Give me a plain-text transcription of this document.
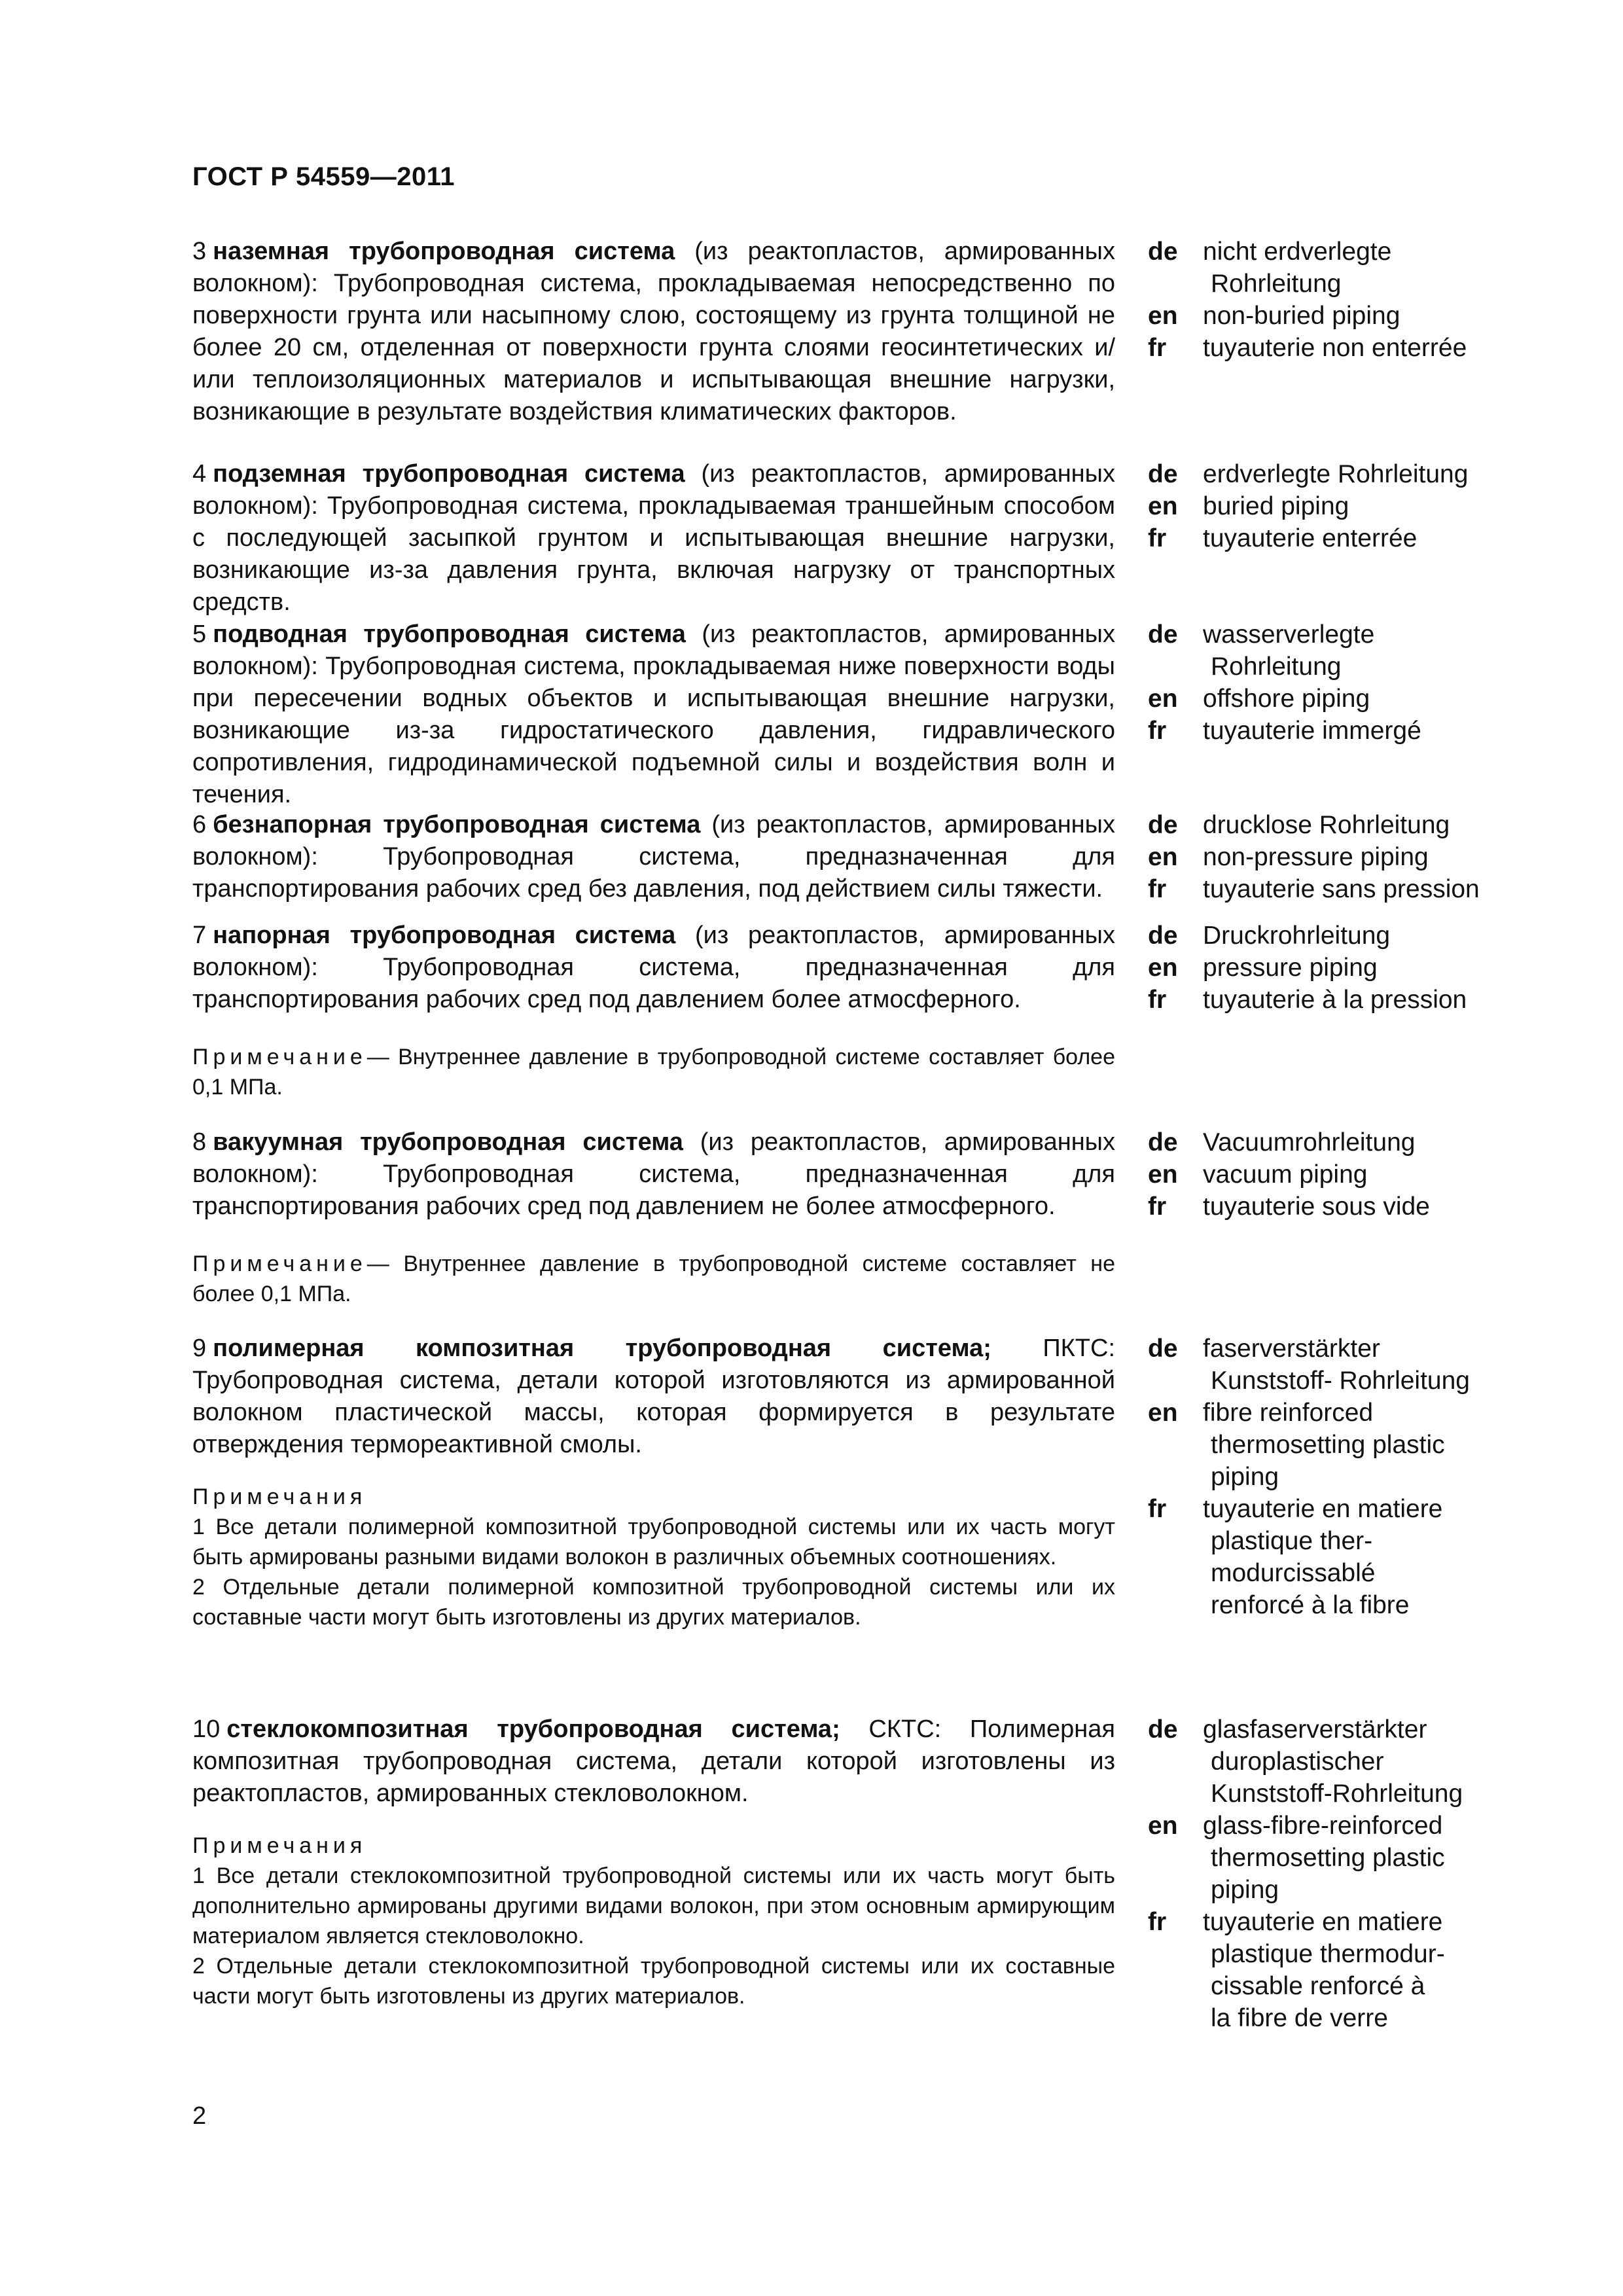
ГОСТ Р 54559—2011
3 наземная трубопроводная система (из реактопластов, армированных волокном): Трубопроводная система, прокладываемая непосредственно по поверхности грунта или насыпному слою, состоящему из грунта толщиной не более 20 см, отделенная от поверхности грунта слоями геосинтетических и/или теплоизоляционных материалов и испытывающая внешние нагрузки, возникающие в результате воздействия климатических факторов.
de nicht erdverlegte
Rohrleitung
en non-buried piping
fr tuyauterie non enterrée
4 подземная трубопроводная система (из реактопластов, армированных волокном): Трубопроводная система, прокладываемая траншейным способом с последующей засыпкой грунтом и испытывающая внешние нагрузки, возникающие из-за давления грунта, включая нагрузку от транспортных средств.
de erdverlegte Rohrleitung
en buried piping
fr tuyauterie enterrée
5 подводная трубопроводная система (из реактопластов, армированных волокном): Трубопроводная система, прокладываемая ниже поверхности воды при пересечении водных объектов и испытывающая внешние нагрузки, возникающие из-за гидростатического давления, гидравлического сопротивления, гидродинамической подъемной силы и воздействия волн и течения.
de wasserverlegte
Rohrleitung
en offshore piping
fr tuyauterie immergé
6 безнапорная трубопроводная система (из реактопластов, армированных волокном): Трубопроводная система, предназначенная для транспортирования рабочих сред без давления, под действием силы тяжести.
de drucklose Rohrleitung
en non-pressure piping
fr tuyauterie sans pression
7 напорная трубопроводная система (из реактопластов, армированных волокном): Трубопроводная система, предназначенная для транспортирования рабочих сред под давлением более атмосферного.
Примечание— Внутреннее давление в трубопроводной системе составляет более 0,1 МПа.
de Druckrohrleitung
en pressure piping
fr tuyauterie à la pression
8 вакуумная трубопроводная система (из реактопластов, армированных волокном): Трубопроводная система, предназначенная для транспортирования рабочих сред под давлением не более атмосферного.
Примечание— Внутреннее давление в трубопроводной системе составляет не более 0,1 МПа.
de Vacuumrohrleitung
en vacuum piping
fr tuyauterie sous vide
9 полимерная композитная трубопроводная система; ПКТС: Трубопроводная система, детали которой изготовляются из армированной волокном пластической массы, которая формируется в результате отверждения термореактивной смолы.
Примечания
1 Все детали полимерной композитной трубопроводной системы или их часть могут быть армированы разными видами волокон в различных объемных соотношениях.
2 Отдельные детали полимерной композитной трубопроводной системы или их составные части могут быть изготовлены из других материалов.
de faserverstärkter
Kunststoff- Rohrleitung
en fibre reinforced
thermosetting plastic
piping
fr tuyauterie en matiere
plastique ther-
modurcissablé
renforcé à la fibre
10 стеклокомпозитная трубопроводная система; СКТС: Полимерная композитная трубопроводная система, детали которой изготовлены из реактопластов, армированных стекловолокном.
Примечания
1 Все детали стеклокомпозитной трубопроводной системы или их часть могут быть дополнительно армированы другими видами волокон, при этом основным армирующим материалом является стекловолокно.
2 Отдельные детали стеклокомпозитной трубопроводной системы или их составные части могут быть изготовлены из других материалов.
de glasfaserverstärkter
duroplastischer
Kunststoff-Rohrleitung
en glass-fibre-reinforced
thermosetting plastic
piping
fr tuyauterie en matiere
plastique thermodur-
cissable renforcé à
la fibre de verre
2
